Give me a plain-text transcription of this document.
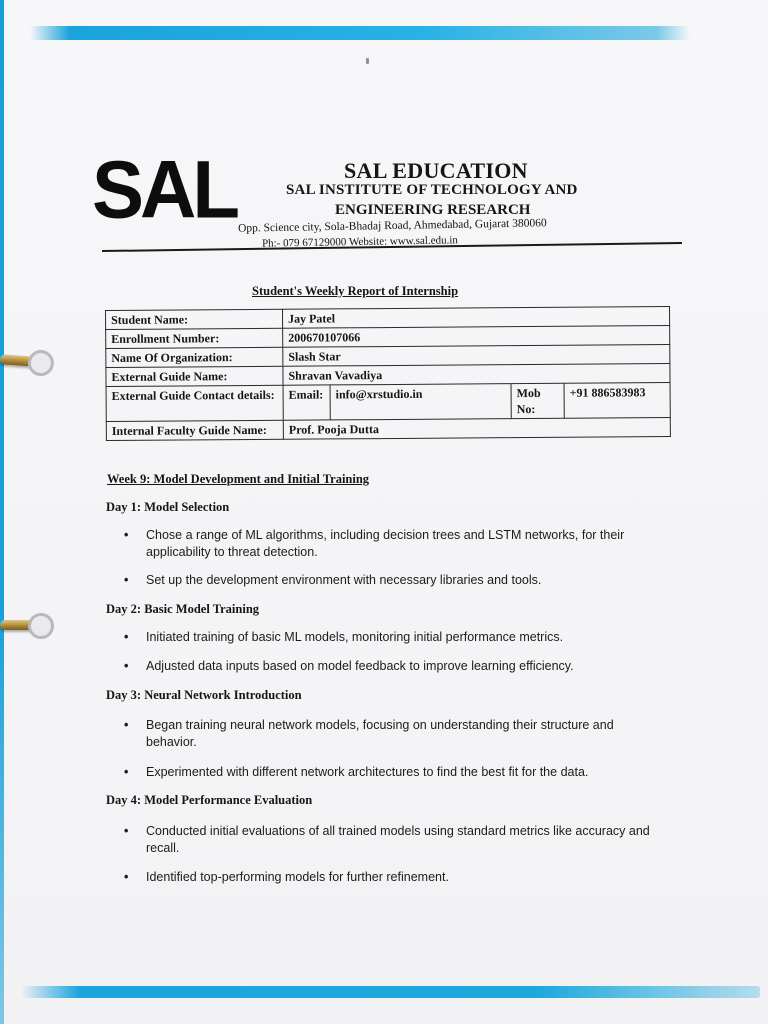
SAL	SAL EDUCATION
SAL INSTITUTE OF TECHNOLOGY AND
ENGINEERING RESEARCH
Opp. Science city, Sola-Bhadaj Road, Ahmedabad, Gujarat 380060
Ph:- 079 67129000 Website: www.sal.edu.in
Student's Weekly Report of Internship
Student Name:	Jay Patel			
Enrollment Number:	200670107066			
Name Of Organization:	Slash Star			
External Guide Name:	Shravan Vavadiya			
External Guide Contact details:	Email:	info@xrstudio.in	Mob No:	+91 886583983
Internal Faculty Guide Name:	Prof. Pooja Dutta			
Week 9: Model Development and Initial Training
Day 1: Model Selection
• Chose a range of ML algorithms, including decision trees and LSTM networks, for their applicability to threat detection.
• Set up the development environment with necessary libraries and tools.
Day 2: Basic Model Training
• Initiated training of basic ML models, monitoring initial performance metrics.
• Adjusted data inputs based on model feedback to improve learning efficiency.
Day 3: Neural Network Introduction
• Began training neural network models, focusing on understanding their structure and behavior.
• Experimented with different network architectures to find the best fit for the data.
Day 4: Model Performance Evaluation
• Conducted initial evaluations of all trained models using standard metrics like accuracy and recall.
• Identified top-performing models for further refinement.
